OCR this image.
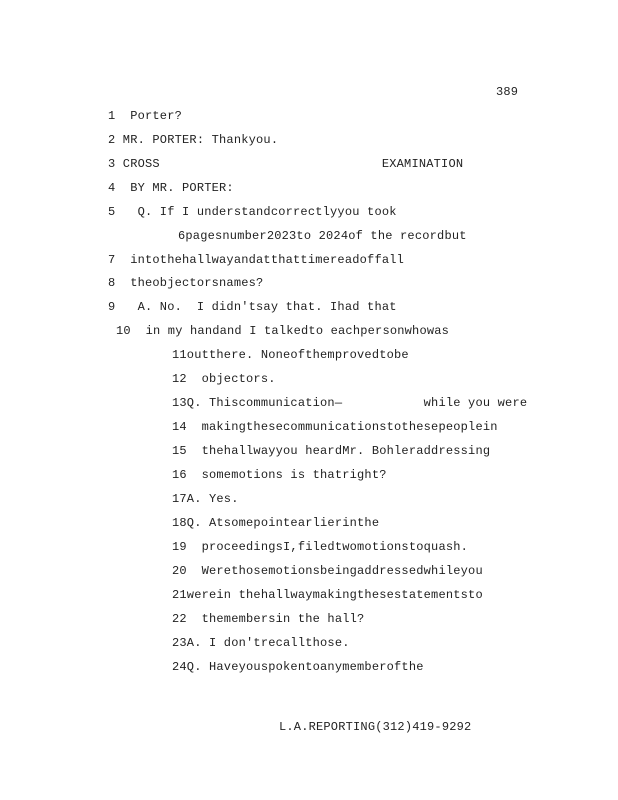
389
1  Porter?
2 MR. PORTER: Thankyou.
3 CROSS                              EXAMINATION
4  BY MR. PORTER:
5   Q. If I understandcorrectlyyou took
6pagesnumber2023to 2024of the recordbut
7  intothehallwayandatthattimereadoffall
8  theobjectorsnames?
9   A. No.  I didn'tsay that. Ihad that
10  in my handand I talkedto eachpersonwhowas
11outthere. Noneofthemprovedtobe
12  objectors.
13Q. Thiscommunication—           while you were
14  makingthesecommunicationstothesepeoplein
15  thehallwayyou heardMr. Bohleraddressing
16  somemotions is thatright?
17A. Yes.
18Q. Atsomepointearlierinthe
19  proceedingsI,filedtwomotionstoquash.
20  Werethosemotionsbeingaddressedwhileyou
21werein thehallwaymakingthesestatementsto
22  themembersin the hall?
23A. I don'trecallthose.
24Q. Haveyouspokentoanymemberofthe
L.A.REPORTING(312)419-9292
